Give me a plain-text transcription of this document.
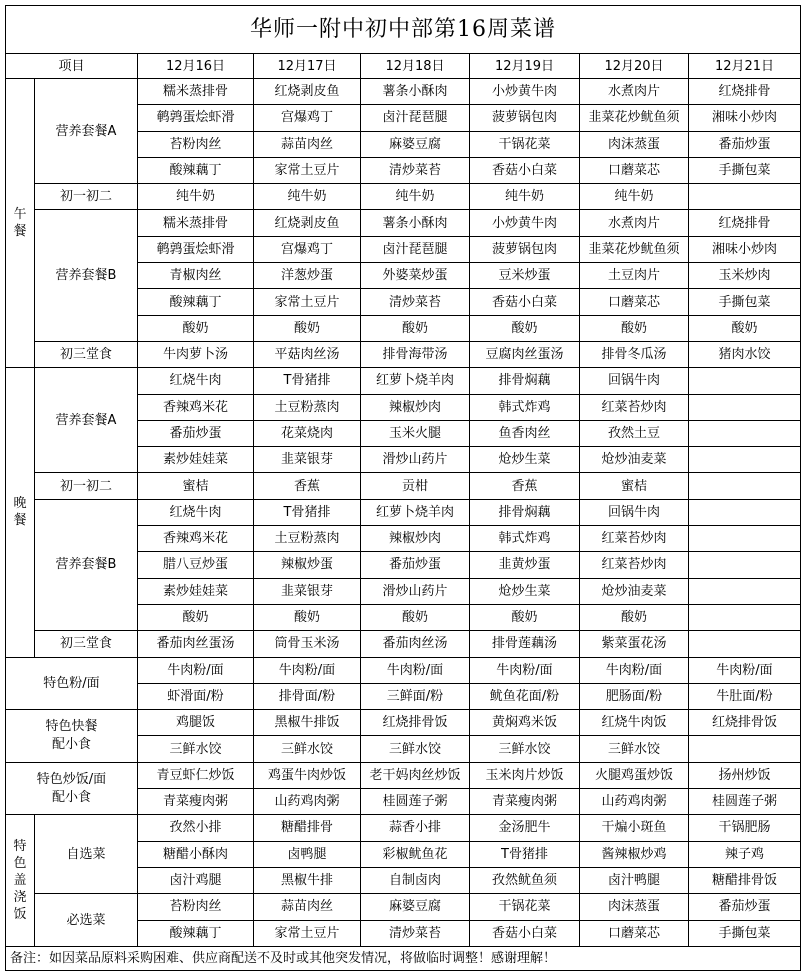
华师一附中初中部第16周菜谱							
项目		12月16日	12月17日	12月18日	12月19日	12月20日	12月21日

午餐	营养套餐A	糯米蒸排骨	红烧剥皮鱼	薯条小酥肉	小炒黄牛肉	水煮肉片	红烧排骨
		鹌鹑蛋烩虾滑	宫爆鸡丁	卤汁琵琶腿	菠萝锅包肉	韭菜花炒鱿鱼须	湘味小炒肉
		苔粉肉丝	蒜苗肉丝	麻婆豆腐	干锅花菜	肉沫蒸蛋	番茄炒蛋
		酸辣藕丁	家常土豆片	清炒菜苔	香菇小白菜	口蘑菜芯	手撕包菜
	初一初二	纯牛奶	纯牛奶	纯牛奶	纯牛奶	纯牛奶	
	营养套餐B	糯米蒸排骨	红烧剥皮鱼	薯条小酥肉	小炒黄牛肉	水煮肉片	红烧排骨
		鹌鹑蛋烩虾滑	宫爆鸡丁	卤汁琵琶腿	菠萝锅包肉	韭菜花炒鱿鱼须	湘味小炒肉
		青椒肉丝	洋葱炒蛋	外婆菜炒蛋	豆米炒蛋	土豆肉片	玉米炒肉
		酸辣藕丁	家常土豆片	清炒菜苔	香菇小白菜	口蘑菜芯	手撕包菜
		酸奶	酸奶	酸奶	酸奶	酸奶	酸奶
	初三堂食	牛肉萝卜汤	平菇肉丝汤	排骨海带汤	豆腐肉丝蛋汤	排骨冬瓜汤	猪肉水饺

晚餐	营养套餐A	红烧牛肉	T骨猪排	红萝卜烧羊肉	排骨焖藕	回锅牛肉	
		香辣鸡米花	土豆粉蒸肉	辣椒炒肉	韩式炸鸡	红菜苔炒肉	
		番茄炒蛋	花菜烧肉	玉米火腿	鱼香肉丝	孜然土豆	
		素炒娃娃菜	韭菜银芽	滑炒山药片	炝炒生菜	炝炒油麦菜	
	初一初二	蜜桔	香蕉	贡柑	香蕉	蜜桔	
	营养套餐B	红烧牛肉	T骨猪排	红萝卜烧羊肉	排骨焖藕	回锅牛肉	
		香辣鸡米花	土豆粉蒸肉	辣椒炒肉	韩式炸鸡	红菜苔炒肉	
		腊八豆炒蛋	辣椒炒蛋	番茄炒蛋	韭黄炒蛋	红菜苔炒肉	
		素炒娃娃菜	韭菜银芽	滑炒山药片	炝炒生菜	炝炒油麦菜	
		酸奶	酸奶	酸奶	酸奶	酸奶	
	初三堂食	番茄肉丝蛋汤	筒骨玉米汤	番茄肉丝汤	排骨莲藕汤	紫菜蛋花汤	
特色粉/面		牛肉粉/面	牛肉粉/面	牛肉粉/面	牛肉粉/面	牛肉粉/面	牛肉粉/面
		虾滑面/粉	排骨面/粉	三鲜面/粉	鱿鱼花面/粉	肥肠面/粉	牛肚面/粉
特色快餐
配小食		鸡腿饭	黑椒牛排饭	红烧排骨饭	黄焖鸡米饭	红烧牛肉饭	红烧排骨饭
		三鲜水饺	三鲜水饺	三鲜水饺	三鲜水饺	三鲜水饺	
特色炒饭/面
配小食		青豆虾仁炒饭	鸡蛋牛肉炒饭	老干妈肉丝炒饭	玉米肉片炒饭	火腿鸡蛋炒饭	扬州炒饭
		青菜瘦肉粥	山药鸡肉粥	桂圆莲子粥	青菜瘦肉粥	山药鸡肉粥	桂圆莲子粥

特色盖浇饭	自选菜	孜然小排	糖醋排骨	蒜香小排	金汤肥牛	干煸小斑鱼	干锅肥肠
		糖醋小酥肉	卤鸭腿	彩椒鱿鱼花	T骨猪排	酱辣椒炒鸡	辣子鸡
		卤汁鸡腿	黑椒牛排	自制卤肉	孜然鱿鱼须	卤汁鸭腿	糖醋排骨饭
	必选菜	苔粉肉丝	蒜苗肉丝	麻婆豆腐	干锅花菜	肉沫蒸蛋	番茄炒蛋
		酸辣藕丁	家常土豆片	清炒菜苔	香菇小白菜	口蘑菜芯	手撕包菜
备注：如因菜品原料采购困难、供应商配送不及时或其他突发情况，将做临时调整！感谢理解！							
